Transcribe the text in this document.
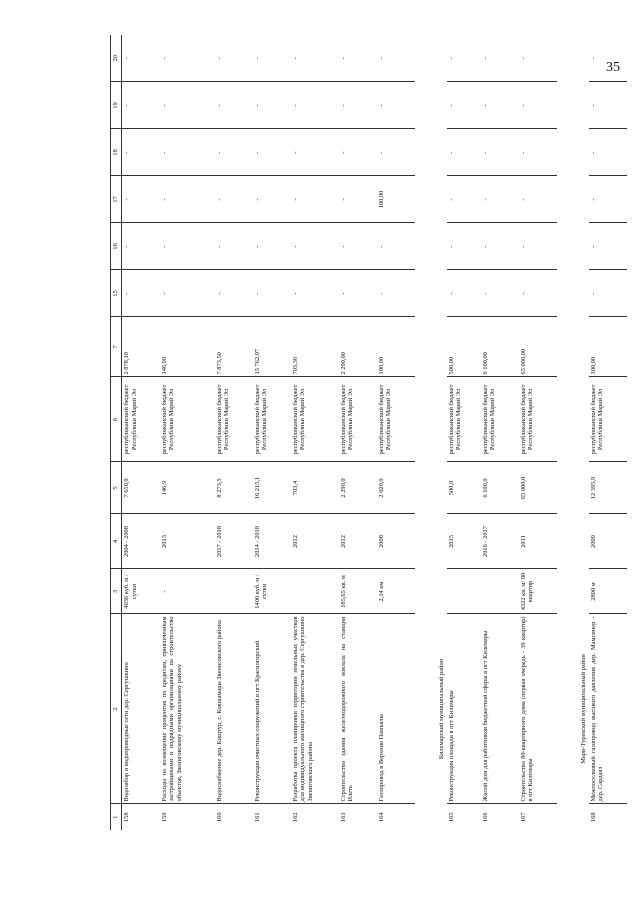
35
1	2	3	4	5	6	7	15	16	17	18	19	20
158	Водозабор и водопроводные сети дер. Сергушкино	4036 куб. м / сутки	2004 - 2008	7 650,0	республиканский бюджет Республики Марий Эл	2 878,10	-	-	-	-	-	-
159	Расходы на возмещение процентов по кредитам, привлеченным застройщиками и подрядными организациями на строительство объектов, Звениговскому муниципальному району	-	2013	146,9	республиканский бюджет Республики Марий Эл	146,90	-	-	-	-	-	-
160	Водоснабжение дер. Кищтур, с. Кокшамары Звениговского района		2017 - 2018	8 273,5	республиканский бюджет Республики Марий Эл	7 873,50	-	-	-	-	-	-
161	Реконструкция очистных сооружений в пгт Красногорский	1400 куб. м /сутки	2014 - 2018	16 215,1	республиканский бюджет Республики Марий Эл	15 762,07	-	-	-	-	-	-
162	Разработка проекта планировки территории земельных участков для индивидуального жилищного строительства в дер. Сергушкино Звениговского района		2012	703,4	республиканский бюджет Республики Марий Эл	703,36	-	-	-	-	-	-
163	Строительство здания железнодорожного вокзала на станции Илеть	185,65 кв. м	2012	2 290,0	республиканский бюджет Республики Марий Эл	2 290,00	-	-	-	-	-	-
164	Газопровод в Верхние Памъялы	2,14 км	2008	2 020,0	республиканский бюджет Республики Марий Эл	100,00	-	-	100,00	-	-	-
	Килемарский муниципальный район											
165	Реконструкция площади в пгт Килемары		2015	500,0	республиканский бюджет Республики Марий Эл	500,00	-	-	-	-	-	-
166	Жилой дом для работников бюджетной сферы в пгт Килемары		2016 - 2017	6 100,0	республиканский бюджет Республики Марий Эл	6 100,00	-	-	-	-	-	-
167	Строительство 80-квартирного дома (первая очередь - 39 квартир) в пгт Килемары	4322 кв. м/ 80 квартир	2011	65 000,0	республиканский бюджет Республики Марий Эл	65 000,00	-	-	-	-	-	-
	Мари-Турекский муниципальный район											
168	Межпоселковый газопровод высокого давления дер. Мамсинер - дер. Сардаял	2800 м	2009	12 395,9	республиканский бюджет Республики Марий Эл	300,00	-	-	-	-	-	-
